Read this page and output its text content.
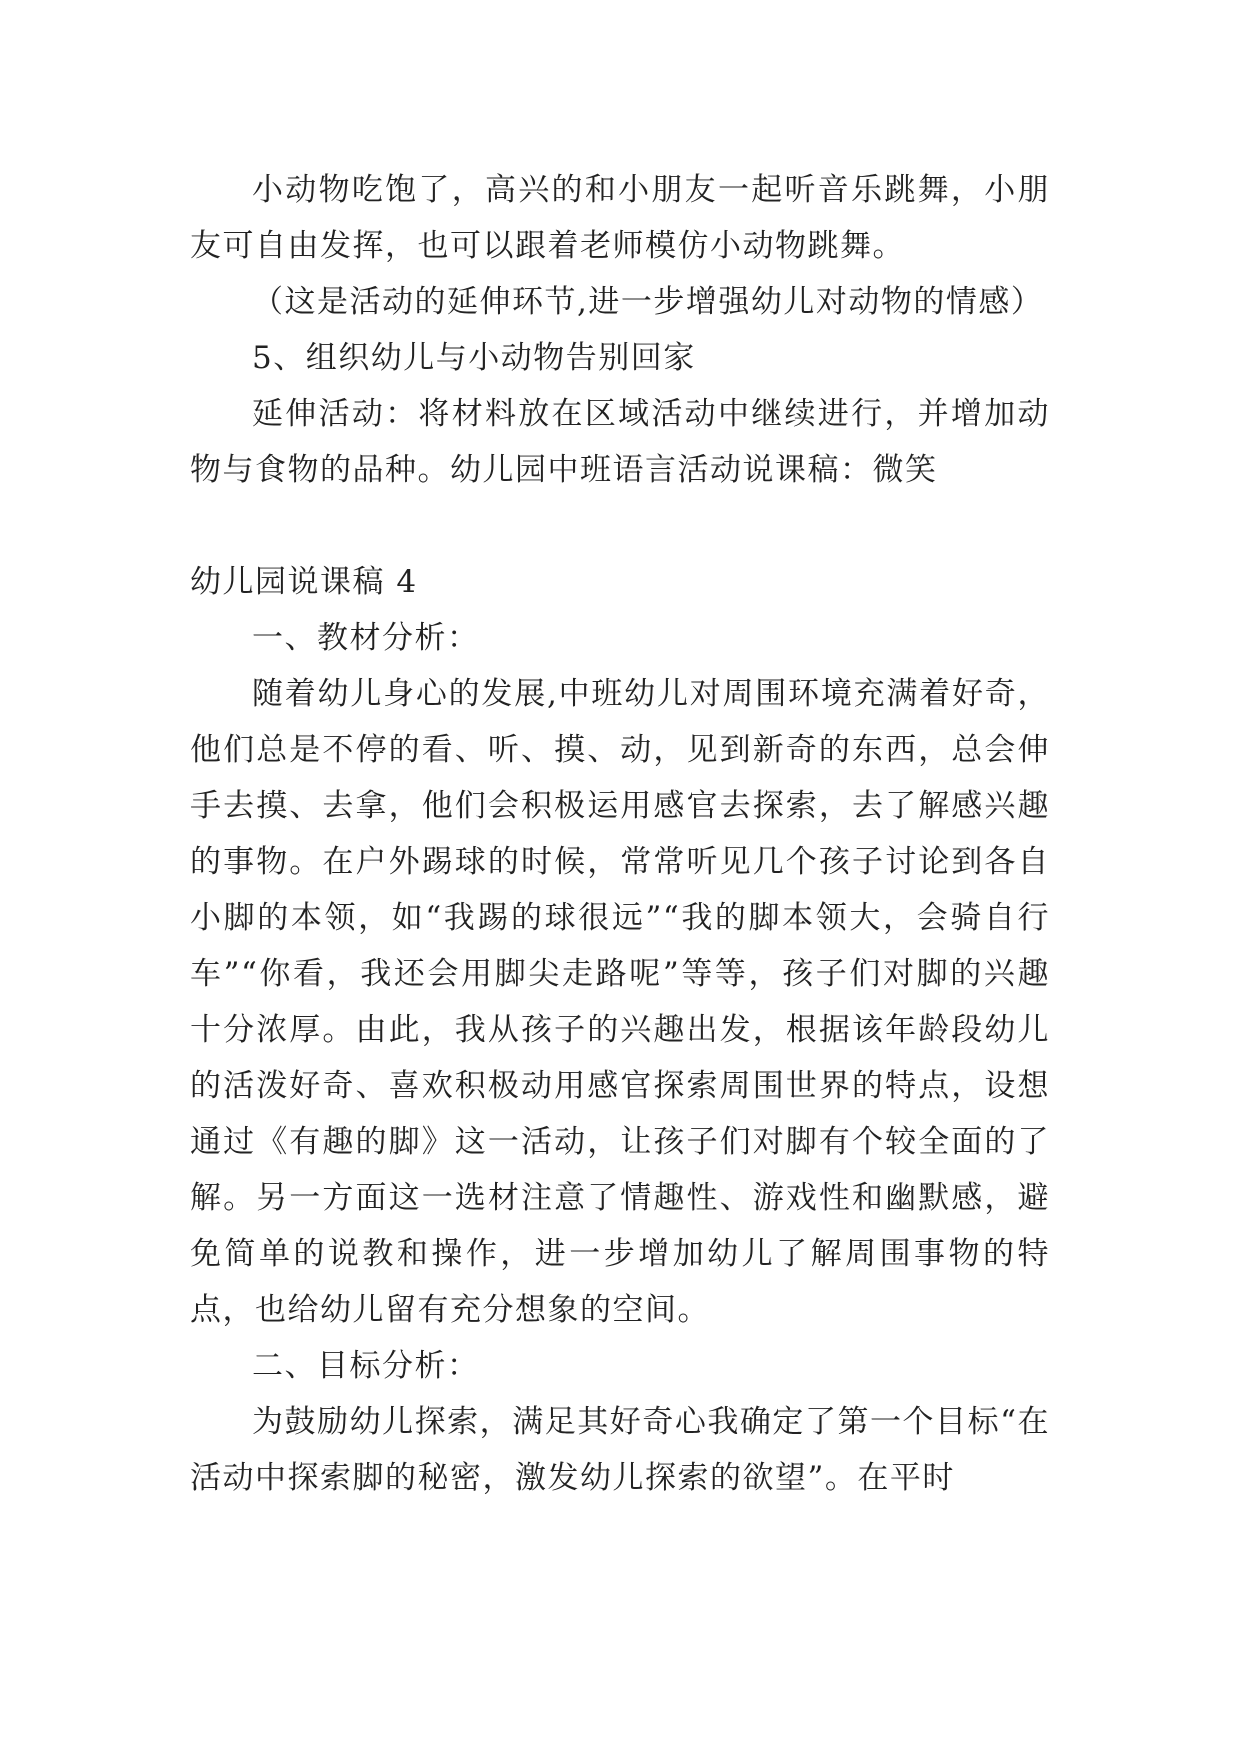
小动物吃饱了，高兴的和小朋友一起听音乐跳舞，小朋友可自由发挥，也可以跟着老师模仿小动物跳舞。

（这是活动的延伸环节,进一步增强幼儿对动物的情感）

5、组织幼儿与小动物告别回家

延伸活动：将材料放在区域活动中继续进行，并增加动物与食物的品种。幼儿园中班语言活动说课稿：微笑

幼儿园说课稿 4

一、教材分析：

随着幼儿身心的发展,中班幼儿对周围环境充满着好奇，他们总是不停的看、听、摸、动，见到新奇的东西，总会伸手去摸、去拿，他们会积极运用感官去探索，去了解感兴趣的事物。在户外踢球的时候，常常听见几个孩子讨论到各自小脚的本领，如“我踢的球很远”“我的脚本领大，会骑自行车”“你看，我还会用脚尖走路呢”等等，孩子们对脚的兴趣十分浓厚。由此，我从孩子的兴趣出发，根据该年龄段幼儿的活泼好奇、喜欢积极动用感官探索周围世界的特点，设想通过《有趣的脚》这一活动，让孩子们对脚有个较全面的了解。另一方面这一选材注意了情趣性、游戏性和幽默感，避免简单的说教和操作，进一步增加幼儿了解周围事物的特点，也给幼儿留有充分想象的空间。

二、目标分析：

为鼓励幼儿探索，满足其好奇心我确定了第一个目标“在活动中探索脚的秘密，激发幼儿探索的欲望”。在平时
